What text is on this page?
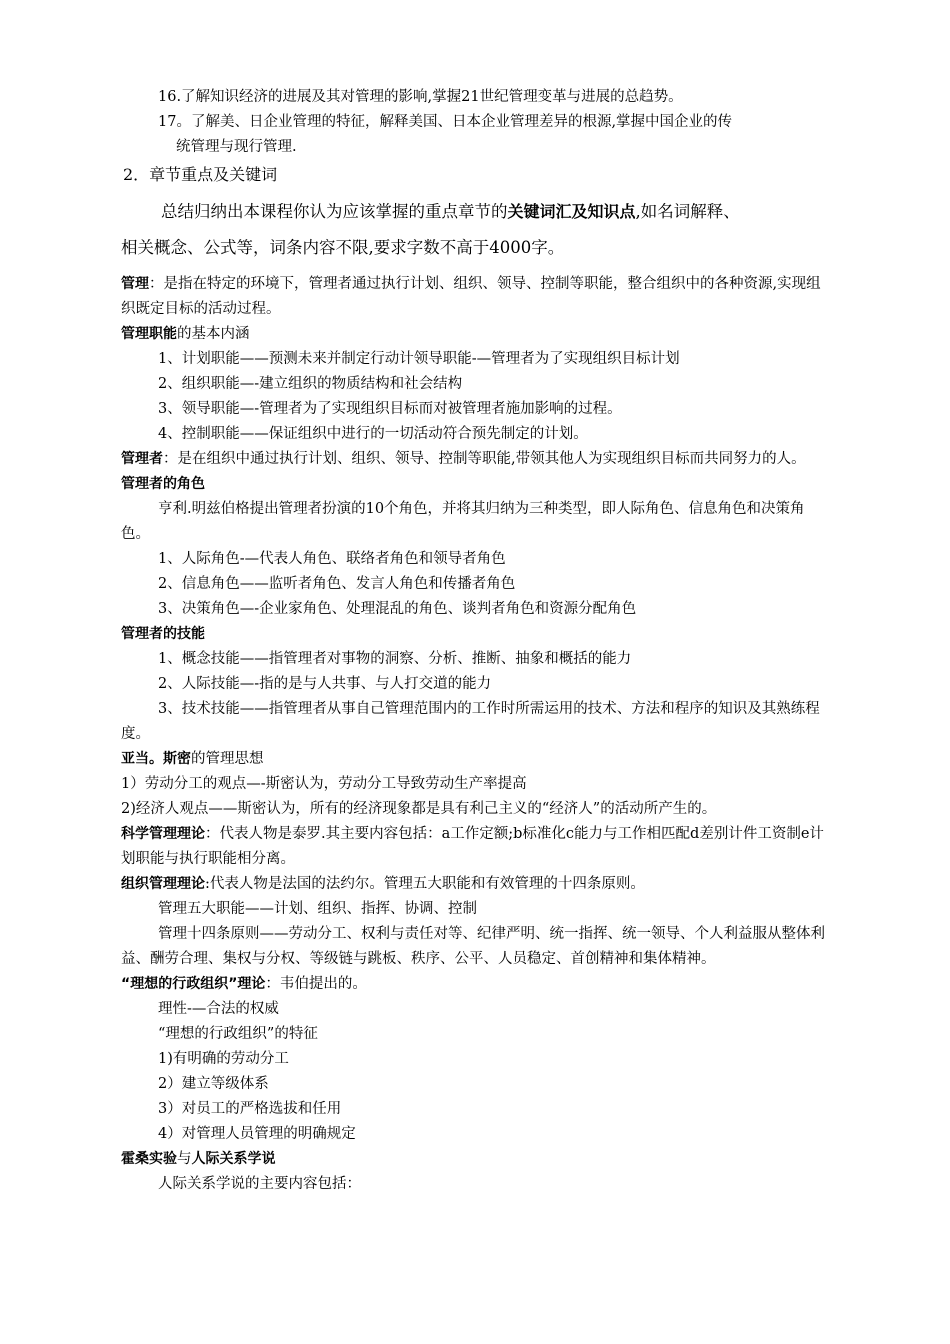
16.了解知识经济的进展及其对管理的影响,掌握21世纪管理变革与进展的总趋势。

17。了解美、日企业管理的特征，解释美国、日本企业管理差异的根源,掌握中国企业的传

统管理与现行管理.

2．章节重点及关键词

总结归纳出本课程你认为应该掌握的重点章节的关键词汇及知识点,如名词解释、

相关概念、公式等，词条内容不限,要求字数不高于4000字。

管理：是指在特定的环境下，管理者通过执行计划、组织、领导、控制等职能，整合组织中的各种资源,实现组织既定目标的活动过程。

管理职能的基本内涵

1、计划职能——预测未来并制定行动计领导职能-—管理者为了实现组织目标计划

2、组织职能—-建立组织的物质结构和社会结构

3、领导职能—-管理者为了实现组织目标而对被管理者施加影响的过程。

4、控制职能——保证组织中进行的一切活动符合预先制定的计划。

管理者：是在组织中通过执行计划、组织、领导、控制等职能,带领其他人为实现组织目标而共同努力的人。

管理者的角色

亨利.明兹伯格提出管理者扮演的10个角色，并将其归纳为三种类型，即人际角色、信息角色和决策角色。

1、人际角色-—代表人角色、联络者角色和领导者角色

2、信息角色——监听者角色、发言人角色和传播者角色

3、决策角色—-企业家角色、处理混乱的角色、谈判者角色和资源分配角色

管理者的技能

1、概念技能——指管理者对事物的洞察、分析、推断、抽象和概括的能力

2、人际技能—-指的是与人共事、与人打交道的能力

3、技术技能——指管理者从事自己管理范围内的工作时所需运用的技术、方法和程序的知识及其熟练程度。

亚当。斯密的管理思想

1）劳动分工的观点—-斯密认为，劳动分工导致劳动生产率提高

2)经济人观点——斯密认为，所有的经济现象都是具有利己主义的“经济人”的活动所产生的。

科学管理理论：代表人物是泰罗.其主要内容包括：a工作定额;b标准化c能力与工作相匹配d差别计件工资制e计划职能与执行职能相分离。

组织管理理论:代表人物是法国的法约尔。管理五大职能和有效管理的十四条原则。

管理五大职能——计划、组织、指挥、协调、控制

管理十四条原则——劳动分工、权利与责任对等、纪律严明、统一指挥、统一领导、个人利益服从整体利益、酬劳合理、集权与分权、等级链与跳板、秩序、公平、人员稳定、首创精神和集体精神。

“理想的行政组织”理论：韦伯提出的。

理性-—合法的权威

“理想的行政组织”的特征

1)有明确的劳动分工

2）建立等级体系

3）对员工的严格选拔和任用

4）对管理人员管理的明确规定

霍桑实验与人际关系学说

人际关系学说的主要内容包括：
